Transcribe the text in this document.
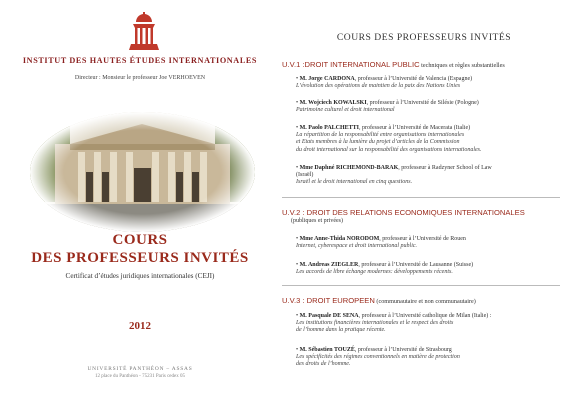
INSTITUT DES HAUTES ÉTUDES INTERNATIONALES
Directeur : Monsieur le professeur Joe VERHOEVEN
COURS
DES PROFESSEURS INVITÉS
Certificat d’études juridiques internationales (CEJI)
2012
UNIVERSITÉ PANTHÉON – ASSAS
12 place du Panthéon - 75231 Paris cedex 05
COURS DES PROFESSEURS INVITÉS
U.V.1 :DROIT INTERNATIONAL PUBLIC techniques et règles substantielles
• M. Jorge CARDONA, professeur à l’Université de Valencia (Espagne)
L’évolution des opérations de maintien de la paix des Nations Unies
• M. Wojciech KOWALSKI, professeur à l’Université de Silésie (Pologne)
Patrimoine culturel et droit international
• M. Paolo PALCHETTI, professeur à l’Université de Macerata (Italie)
La répartition de la responsabilité entre organisations internationales
et Etats membres à la lumière du projet d’articles de la Commission
du droit international sur la responsabilité des organisations internationales.
• Mme Daphné RICHEMOND-BARAK, professeur à Radzyner School of Law
(Israël)
Israël et le droit international en cinq questions.
U.V.2 : DROIT DES RELATIONS ECONOMIQUES INTERNATIONALES
(publiques et privées)
• Mme Anne-Thida NORODOM, professeur à l’Université de Rouen
Internet, cyberespace et droit international public.
• M. Andreas ZIEGLER, professeur à l’Université de Lausanne (Suisse)
Les accords de libre échange modernes: développements récents.
U.V.3 : DROIT EUROPEEN (communautaire et non communautaire)
• M. Pasquale DE SENA, professeur à l’Université catholique de Milan (Italie) :
Les institutions financières internationales et le respect des droits
de l’homme dans la pratique récente.
• M. Sébastien TOUZÉ, professeur à l’Université de Strasbourg
Les spécificités des régimes conventionnels en matière de protection
des droits de l’homme.
